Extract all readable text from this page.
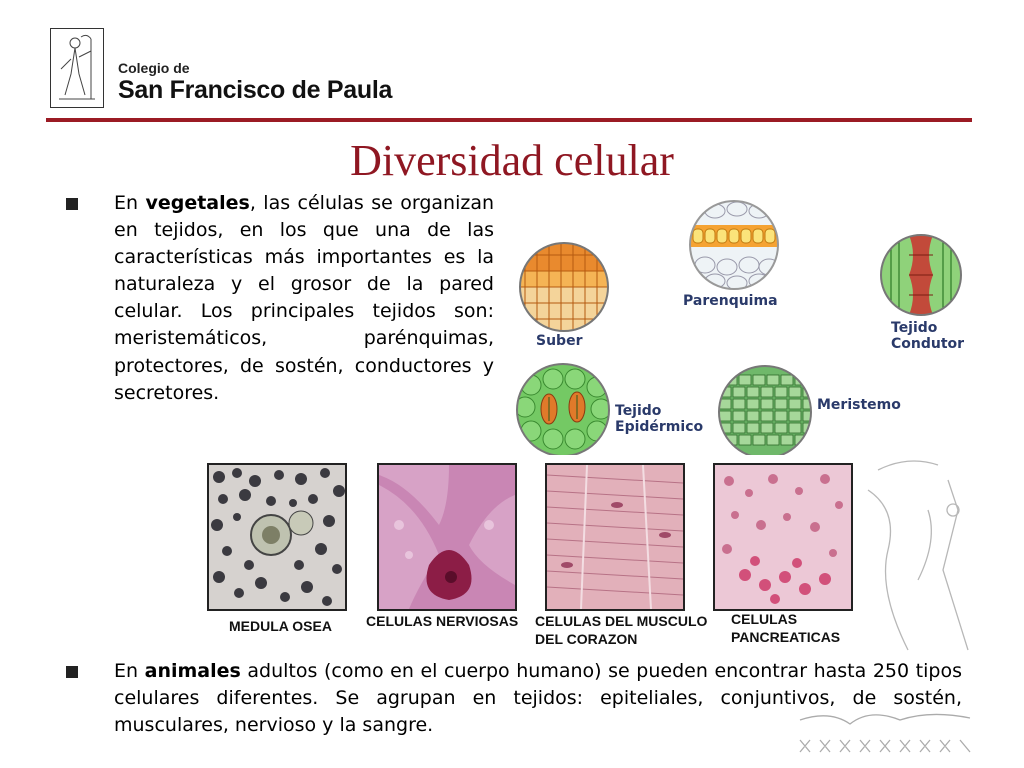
Colegio de
San Francisco de Paula
Diversidad celular
En vegetales, las células se organizan en tejidos, en los que una de las características más importantes es la naturaleza y el grosor de la pared celular. Los principales tejidos son: meristemáticos, parénquimas, protectores, de sostén, conductores y secretores.
Suber
Parenquima
Tejido
Condutor
Tejido
Epidérmico
Meristemo
MEDULA OSEA CELULAS NERVIOSAS CELULAS DEL MUSCULO
DEL CORAZON
CELULAS
PANCREATICAS
En animales adultos (como en el cuerpo humano) se pueden encontrar hasta 250 tipos celulares diferentes. Se agrupan en tejidos: epiteliales, conjuntivos, de sostén, musculares, nervioso y la sangre.
